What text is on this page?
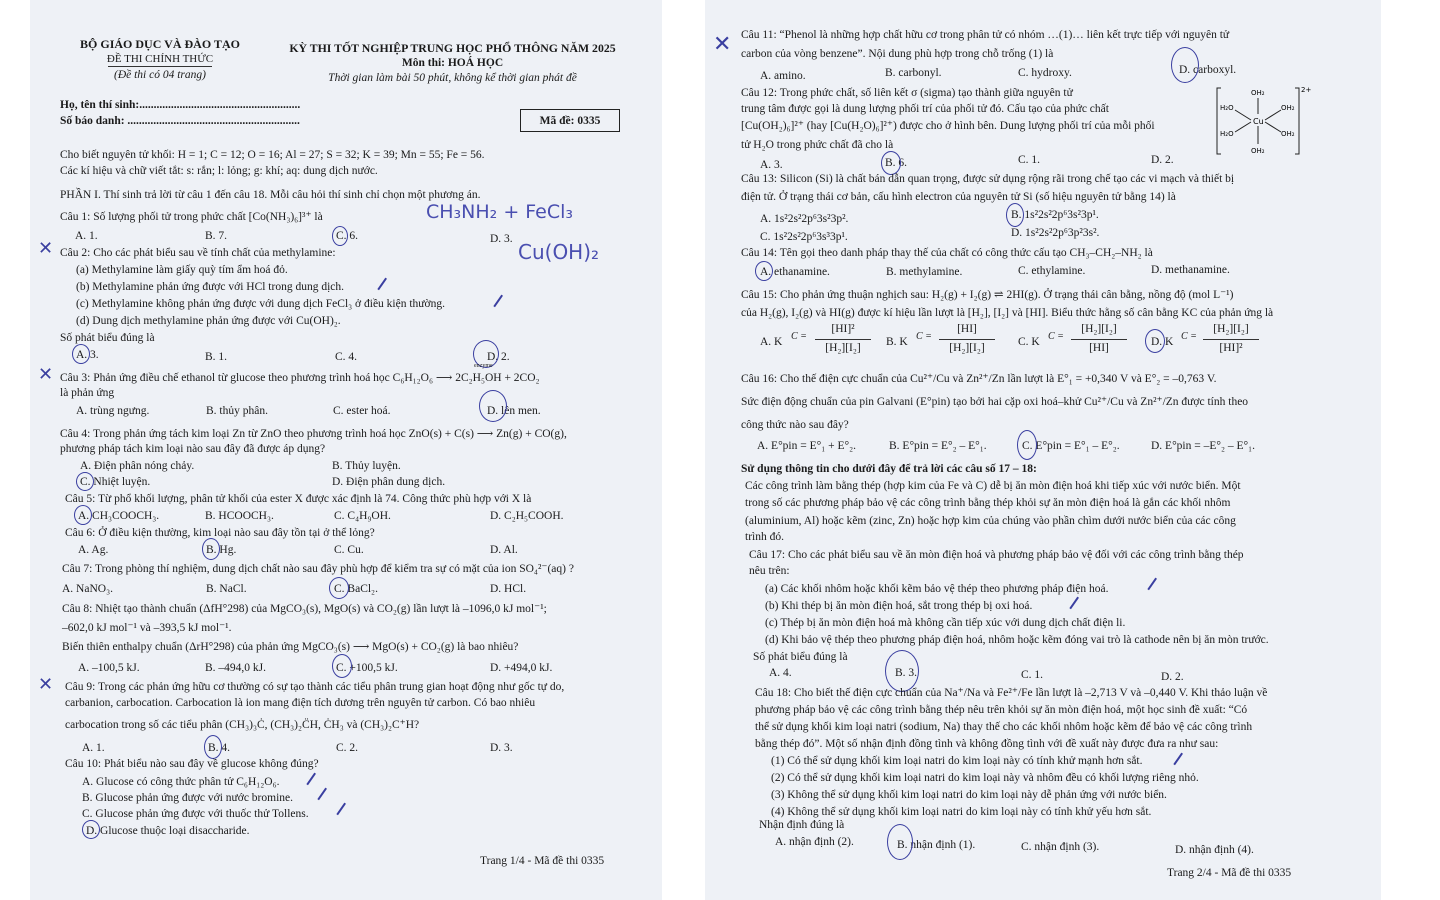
BỘ GIÁO DỤC VÀ ĐÀO TẠO
ĐỀ THI CHÍNH THỨC
(Đề thi có 04 trang)
KỲ THI TỐT NGHIỆP TRUNG HỌC PHỔ THÔNG NĂM 2025
Môn thi: HOÁ HỌC
Thời gian làm bài 50 phút, không kể thời gian phát đề
Họ, tên thí sinh:........................................................
Số báo danh: ............................................................	Mã đề: 0335
Cho biết nguyên tử khối: H = 1; C = 12; O = 16; Al = 27; S = 32; K = 39; Mn = 55; Fe = 56.
Các kí hiệu và chữ viết tắt: s: rắn; l: lỏng; g: khí; aq: dung dịch nước.
PHẦN I. Thí sinh trả lời từ câu 1 đến câu 18. Mỗi câu hỏi thí sinh chỉ chọn một phương án.
Câu 1: Số lượng phối tử trong phức chất [Co(NH₃)₆]³⁺ là	CH₃NH₂ + FeCl₃
A. 1.	B. 7.	C. 6.	D. 3.
✕ Câu 2: Cho các phát biểu sau về tính chất của methylamine:	Cu(OH)₂
(a) Methylamine làm giấy quỳ tím ẩm hoá đỏ.
(b) Methylamine phản ứng được với HCl trong dung dịch.
(c) Methylamine không phản ứng được với dung dịch FeCl₃ ở điều kiện thường.
(d) Dung dịch methylamine phản ứng được với Cu(OH)₂.
Số phát biểu đúng là
A. 3.	B. 1.	C. 4.	D. 2.
✕ Câu 3: Phản ứng điều chế ethanol từ glucose theo phương trình hoá học C₆H₁₂O₆ ⟶ 2C₂H₅OH + 2CO₂
enzyme
là phản ứng
A. trùng ngưng.	B. thủy phân.	C. ester hoá.	D. lên men.
Câu 4: Trong phản ứng tách kim loại Zn từ ZnO theo phương trình hoá học ZnO(s) + C(s) ⟶ Zn(g) + CO(g),
phương pháp tách kim loại nào sau đây đã được áp dụng?
A. Điện phân nóng chảy.	B. Thủy luyện.
C. Nhiệt luyện.	D. Điện phân dung dịch.
Câu 5: Từ phổ khối lượng, phân tử khối của ester X được xác định là 74. Công thức phù hợp với X là
A. CH₃COOCH₃.	B. HCOOCH₃.	C. C₄H₉OH.	D. C₂H₅COOH.
Câu 6: Ở điều kiện thường, kim loại nào sau đây tồn tại ở thể lỏng?
A. Ag.	B. Hg.	C. Cu.	D. Al.
Câu 7: Trong phòng thí nghiệm, dung dịch chất nào sau đây phù hợp để kiểm tra sự có mặt của ion SO₄²⁻(aq) ?
A. NaNO₃.	B. NaCl.	C. BaCl₂.	D. HCl.
Câu 8: Nhiệt tạo thành chuẩn (ΔfH°298) của MgCO₃(s), MgO(s) và CO₂(g) lần lượt là –1096,0 kJ mol⁻¹;
–602,0 kJ mol⁻¹ và –393,5 kJ mol⁻¹.
Biến thiên enthalpy chuẩn (ΔrH°298) của phản ứng MgCO₃(s) ⟶ MgO(s) + CO₂(g) là bao nhiêu?
A. –100,5 kJ.	B. –494,0 kJ.	C. +100,5 kJ.	D. +494,0 kJ.
✕ Câu 9: Trong các phản ứng hữu cơ thường có sự tạo thành các tiểu phân trung gian hoạt động như gốc tự do,
carbanion, carbocation. Carbocation là ion mang điện tích dương trên nguyên tử carbon. Có bao nhiêu
carbocation trong số các tiểu phân (CH₃)₃Ċ, (CH₃)₂C̈H, ĊH₃ và (CH₃)₂C⁺H?
A. 1.	B. 4.	C. 2.	D. 3.
Câu 10: Phát biểu nào sau đây về glucose không đúng?
A. Glucose có công thức phân tử C₆H₁₂O₆.
B. Glucose phản ứng được với nước bromine.
C. Glucose phản ứng được với thuốc thử Tollens.
D. Glucose thuộc loại disaccharide.
Trang 1/4 - Mã đề thi 0335
✕ Câu 11: “Phenol là những hợp chất hữu cơ trong phân tử có nhóm …(1)… liên kết trực tiếp với nguyên tử
carbon của vòng benzene”. Nội dung phù hợp trong chỗ trống (1) là
A. amino.	B. carbonyl.	C. hydroxy.	D. carboxyl.
Câu 12: Trong phức chất, số liên kết σ (sigma) tạo thành giữa nguyên tử
trung tâm được gọi là dung lượng phối trí của phối tử đó. Cấu tạo của phức chất
[Cu(OH₂)₆]²⁺ (hay [Cu(H₂O)₆]²⁺) được cho ở hình bên. Dung lượng phối trí của mỗi phối
tử H₂O trong phức chất đã cho là
A. 3.	B. 6.	C. 1.	D. 2.
OH₂
OH₂
H₂O
H₂O
OH₂
OH₂
Cu
2+
Câu 13: Silicon (Si) là chất bán dẫn quan trọng, được sử dụng rộng rãi trong chế tạo các vi mạch và thiết bị
điện tử. Ở trạng thái cơ bản, cấu hình electron của nguyên tử Si (số hiệu nguyên tử bằng 14) là
A. 1s²2s²2p⁶3s²3p².	B. 1s²2s²2p⁶3s²3p¹.
C. 1s²2s²2p⁶3s³3p¹.	D. 1s²2s²2p⁶3p²3s².
Câu 14: Tên gọi theo danh pháp thay thế của chất có công thức cấu tạo CH₃–CH₂–NH₂ là
A. ethanamine.	B. methylamine.	C. ethylamine.	D. methanamine.
Câu 15: Cho phản ứng thuận nghịch sau: H₂(g) + I₂(g) ⇌ 2HI(g). Ở trạng thái cân bằng, nồng độ (mol L⁻¹)
của H₂(g), I₂(g) và HI(g) được kí hiệu lần lượt là [H₂], [I₂] và [HI]. Biểu thức hằng số cân bằng KC của phản ứng là
A. K C =
[HI]²
[H₂][I₂]	B. K C =
[HI]
[H₂][I₂]	C. K C =
[H₂][I₂]
[HI]	D. K C =
[H₂][I₂]
[HI]²
Câu 16: Cho thế điện cực chuẩn của Cu²⁺/Cu và Zn²⁺/Zn lần lượt là E°₁ = +0,340 V và E°₂ = –0,763 V.
Sức điện động chuẩn của pin Galvani (E°pin) tạo bởi hai cặp oxi hoá–khử Cu²⁺/Cu và Zn²⁺/Zn được tính theo
công thức nào sau đây?
A. E°pin = E°₁ + E°₂.	B. E°pin = E°₂ – E°₁.	C. E°pin = E°₁ – E°₂.	D. E°pin = –E°₂ – E°₁.
Sử dụng thông tin cho dưới đây để trả lời các câu số 17 – 18:
Các công trình làm bằng thép (hợp kim của Fe và C) dễ bị ăn mòn điện hoá khi tiếp xúc với nước biển. Một
trong số các phương pháp bảo vệ các công trình bằng thép khỏi sự ăn mòn điện hoá là gắn các khối nhôm
(aluminium, Al) hoặc kẽm (zinc, Zn) hoặc hợp kim của chúng vào phần chìm dưới nước biển của các công
trình đó.
Câu 17: Cho các phát biểu sau về ăn mòn điện hoá và phương pháp bảo vệ đối với các công trình bằng thép
nêu trên:
(a) Các khối nhôm hoặc khối kẽm bảo vệ thép theo phương pháp điện hoá.
(b) Khi thép bị ăn mòn điện hoá, sắt trong thép bị oxi hoá.
(c) Thép bị ăn mòn điện hoá mà không cần tiếp xúc với dung dịch chất điện li.
(d) Khi bảo vệ thép theo phương pháp điện hoá, nhôm hoặc kẽm đóng vai trò là cathode nên bị ăn mòn trước.
Số phát biểu đúng là
A. 4.	B. 3.	C. 1.	D. 2.
Câu 18: Cho biết thế điện cực chuẩn của Na⁺/Na và Fe²⁺/Fe lần lượt là –2,713 V và –0,440 V. Khi thảo luận về
phương pháp bảo vệ các công trình bằng thép nêu trên khỏi sự ăn mòn điện hoá, một học sinh đề xuất: “Có
thể sử dụng khối kim loại natri (sodium, Na) thay thế cho các khối nhôm hoặc kẽm để bảo vệ các công trình
bằng thép đó”. Một số nhận định đồng tình và không đồng tình với đề xuất này được đưa ra như sau:
(1) Có thể sử dụng khối kim loại natri do kim loại này có tính khử mạnh hơn sắt.
(2) Có thể sử dụng khối kim loại natri do kim loại này và nhôm đều có khối lượng riêng nhỏ.
(3) Không thể sử dụng khối kim loại natri do kim loại này dễ phản ứng với nước biển.
(4) Không thể sử dụng khối kim loại natri do kim loại này có tính khử yếu hơn sắt.
Nhận định đúng là
A. nhận định (2).	B. nhận định (1).	C. nhận định (3).	D. nhận định (4).
Trang 2/4 - Mã đề thi 0335
